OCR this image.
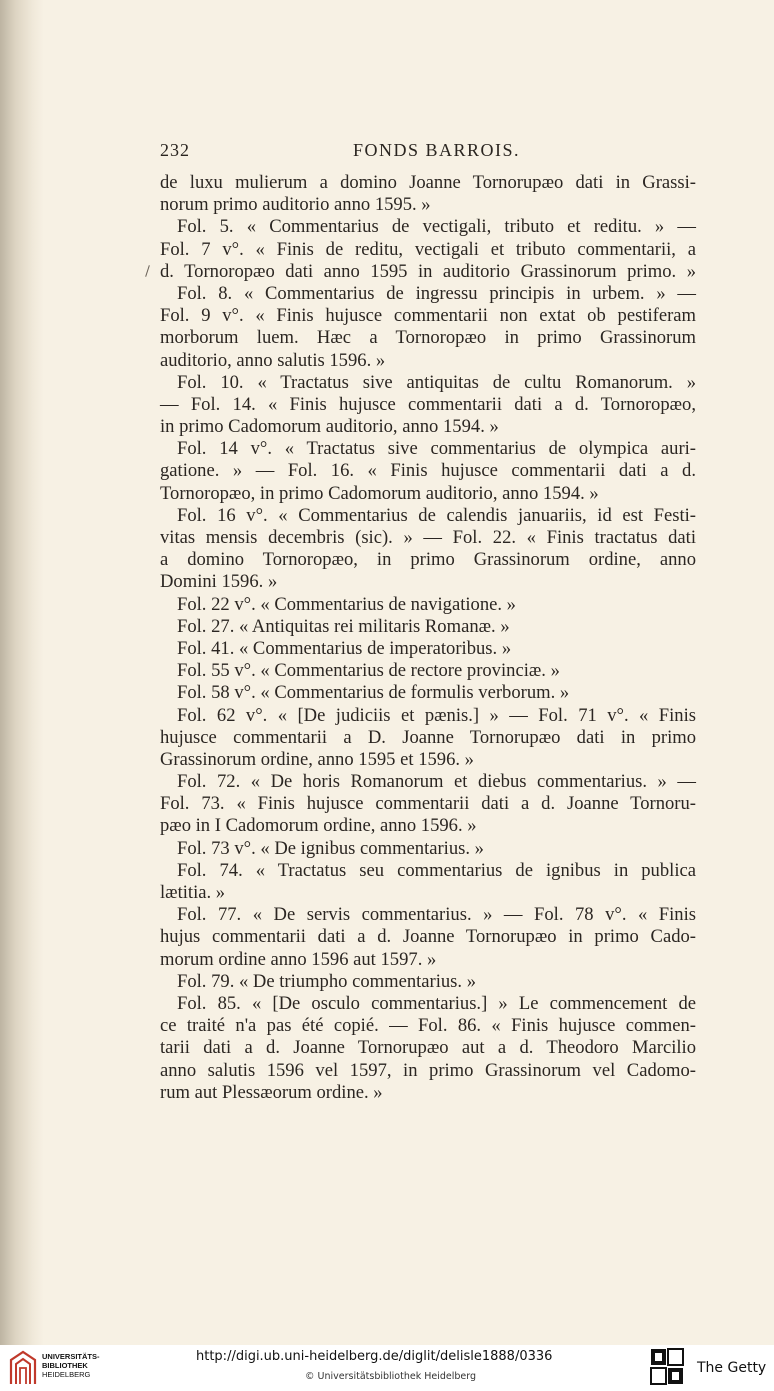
232	FONDS BARROIS.
de luxu mulierum a domino Joanne Tornorupæo dati in Grassi-
norum primo auditorio anno 1595. »
Fol. 5. « Commentarius de vectigali, tributo et reditu. » —
Fol. 7 v°. « Finis de reditu, vectigali et tributo commentarii, a
d. Tornoropæo dati anno 1595 in auditorio Grassinorum primo. »
Fol. 8. « Commentarius de ingressu principis in urbem. » —
Fol. 9 v°. « Finis hujusce commentarii non extat ob pestiferam
morborum luem. Hæc a Tornoropæo in primo Grassinorum
auditorio, anno salutis 1596. »
Fol. 10. « Tractatus sive antiquitas de cultu Romanorum. »
— Fol. 14. « Finis hujusce commentarii dati a d. Tornoropæo,
in primo Cadomorum auditorio, anno 1594. »
Fol. 14 v°. « Tractatus sive commentarius de olympica auri-
gatione. » — Fol. 16. « Finis hujusce commentarii dati a d.
Tornoropæo, in primo Cadomorum auditorio, anno 1594. »
Fol. 16 v°. « Commentarius de calendis januariis, id est Festi-
vitas mensis decembris (sic). » — Fol. 22. « Finis tractatus dati
a domino Tornoropæo, in primo Grassinorum ordine, anno
Domini 1596. »
Fol. 22 v°. « Commentarius de navigatione. »
Fol. 27. « Antiquitas rei militaris Romanæ. »
Fol. 41. « Commentarius de imperatoribus. »
Fol. 55 v°. « Commentarius de rectore provinciæ. »
Fol. 58 v°. « Commentarius de formulis verborum. »
Fol. 62 v°. « [De judiciis et pænis.] » — Fol. 71 v°. « Finis
hujusce commentarii a D. Joanne Tornorupæo dati in primo
Grassinorum ordine, anno 1595 et 1596. »
Fol. 72. « De horis Romanorum et diebus commentarius. » —
Fol. 73. « Finis hujusce commentarii dati a d. Joanne Tornoru-
pæo in I Cadomorum ordine, anno 1596. »
Fol. 73 v°. « De ignibus commentarius. »
Fol. 74. « Tractatus seu commentarius de ignibus in publica
lætitia. »
Fol. 77. « De servis commentarius. » — Fol. 78 v°. « Finis
hujus commentarii dati a d. Joanne Tornorupæo in primo Cado-
morum ordine anno 1596 aut 1597. »
Fol. 79. « De triumpho commentarius. »
Fol. 85. « [De osculo commentarius.] » Le commencement de
ce traité n'a pas été copié. — Fol. 86. « Finis hujusce commen-
tarii dati a d. Joanne Tornorupæo aut a d. Theodoro Marcilio
anno salutis 1596 vel 1597, in primo Grassinorum vel Cadomo-
rum aut Plessæorum ordine. »
UNIVERSITÄTS-
BIBLIOTHEK
HEIDELBERG
http://digi.ub.uni-heidelberg.de/diglit/delisle1888/0336
© Universitätsbibliothek Heidelberg
The Getty
